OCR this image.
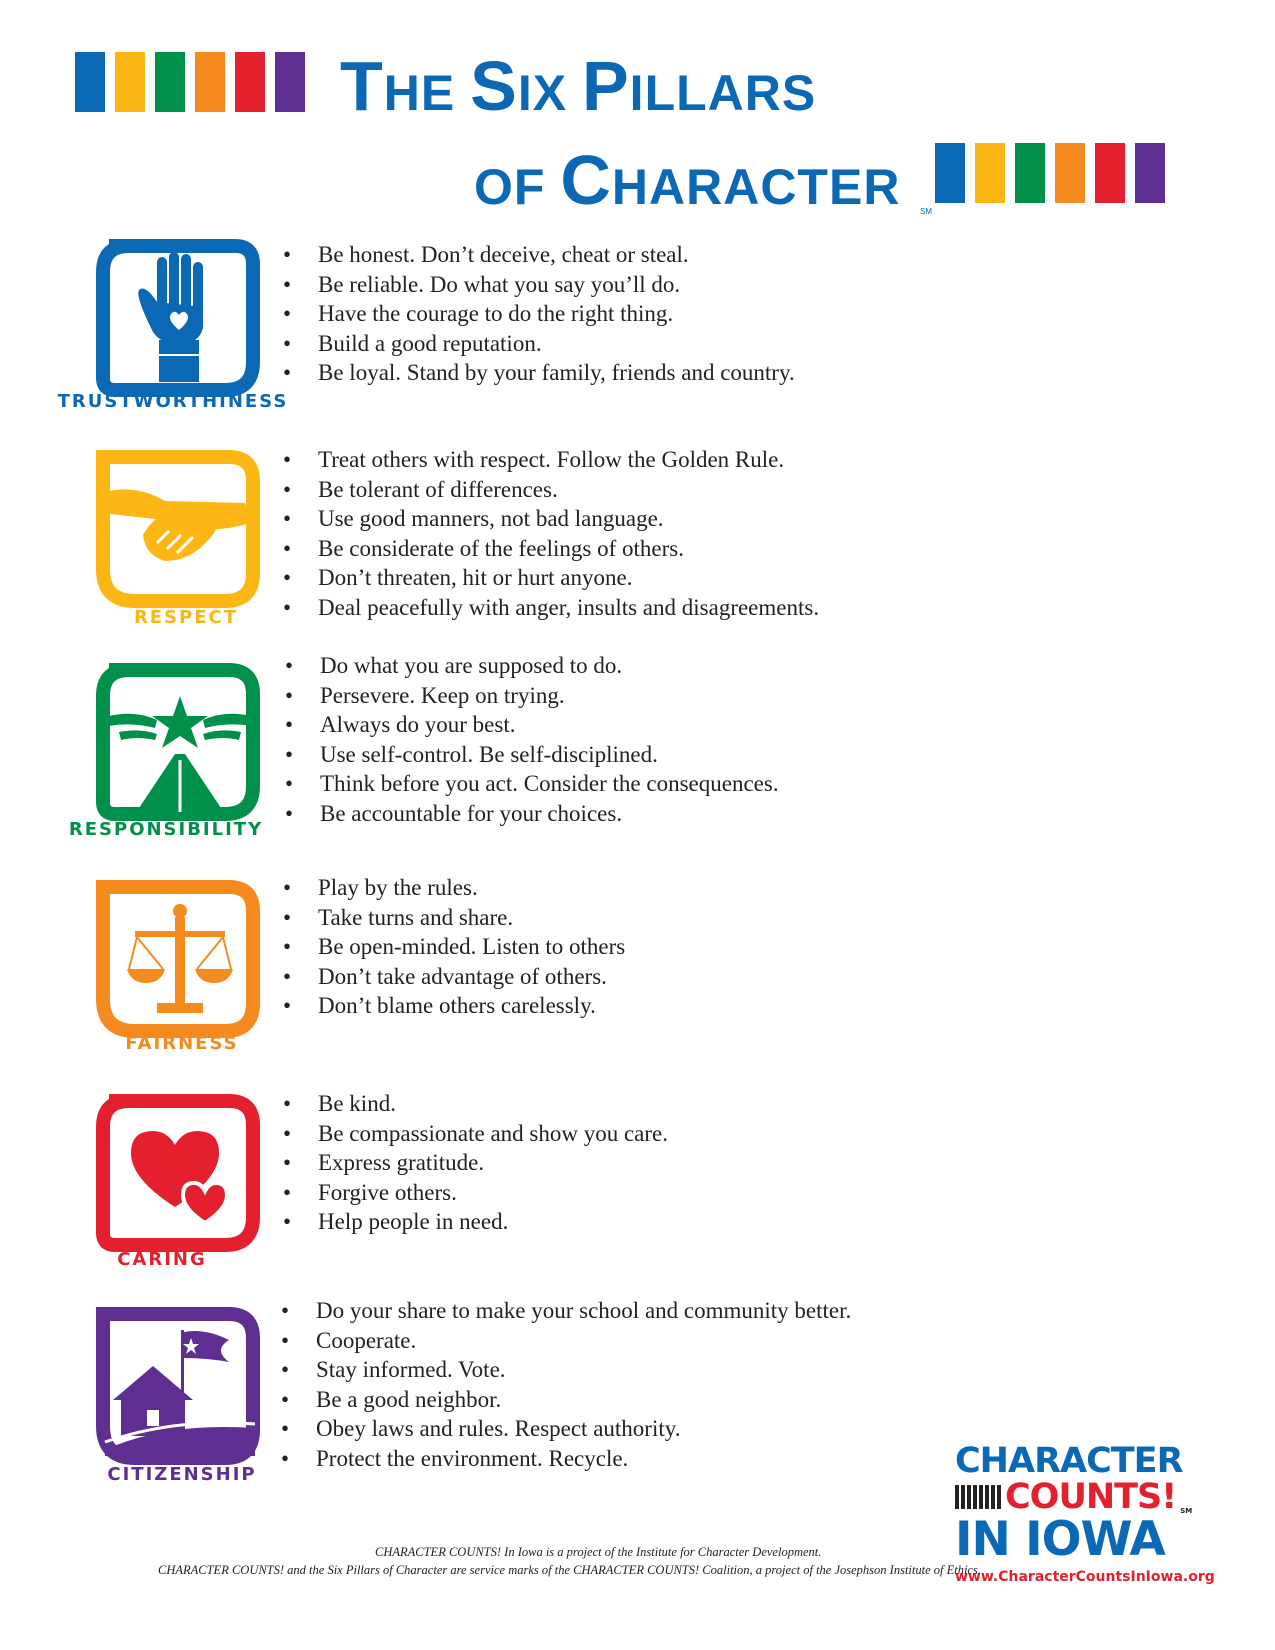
THE SIX PILLARS
OF CHARACTER SM
TRUSTWORTHINESS
• Be honest. Don’t deceive, cheat or steal.
• Be reliable. Do what you say you’ll do.
• Have the courage to do the right thing.
• Build a good reputation.
• Be loyal. Stand by your family, friends and country.
RESPECT
• Treat others with respect. Follow the Golden Rule.
• Be tolerant of differences.
• Use good manners, not bad language.
• Be considerate of the feelings of others.
• Don’t threaten, hit or hurt anyone.
• Deal peacefully with anger, insults and disagreements.
RESPONSIBILITY
• Do what you are supposed to do.
• Persevere. Keep on trying.
• Always do your best.
• Use self-control. Be self-disciplined.
• Think before you act. Consider the consequences.
• Be accountable for your choices.
FAIRNESS
• Play by the rules.
• Take turns and share.
• Be open-minded. Listen to others
• Don’t take advantage of others.
• Don’t blame others carelessly.
CARING
• Be kind.
• Be compassionate and show you care.
• Express gratitude.
• Forgive others.
• Help people in need.
CITIZENSHIP
• Do your share to make your school and community better.
• Cooperate.
• Stay informed. Vote.
• Be a good neighbor.
• Obey laws and rules. Respect authority.
• Protect the environment. Recycle.	CHARACTER
COUNTS! SM
IN IOWA
www.CharacterCountsInIowa.org
CHARACTER COUNTS! In Iowa is a project of the Institute for Character Development.
CHARACTER COUNTS! and the Six Pillars of Character are service marks of the CHARACTER COUNTS! Coalition, a project of the Josephson Institute of Ethics.
